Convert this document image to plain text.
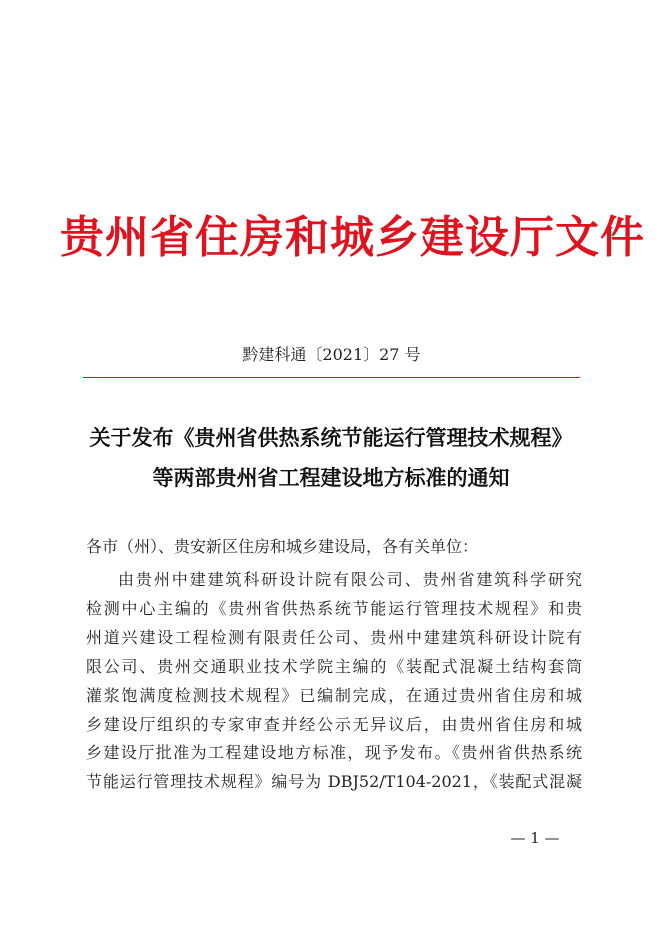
贵州省住房和城乡建设厅文件
黔建科通〔2021〕27 号
关于发布《贵州省供热系统节能运行管理技术规程》
等两部贵州省工程建设地方标准的通知
各市（州）、贵安新区住房和城乡建设局，各有关单位：
由贵州中建建筑科研设计院有限公司、贵州省建筑科学研究
检测中心主编的《贵州省供热系统节能运行管理技术规程》和贵
州道兴建设工程检测有限责任公司、贵州中建建筑科研设计院有
限公司、贵州交通职业技术学院主编的《装配式混凝土结构套筒
灌浆饱满度检测技术规程》已编制完成，在通过贵州省住房和城
乡建设厅组织的专家审查并经公示无异议后，由贵州省住房和城
乡建设厅批准为工程建设地方标准，现予发布。《贵州省供热系统
节能运行管理技术规程》编号为 DBJ52/T104-2021，《装配式混凝
— 1 —
